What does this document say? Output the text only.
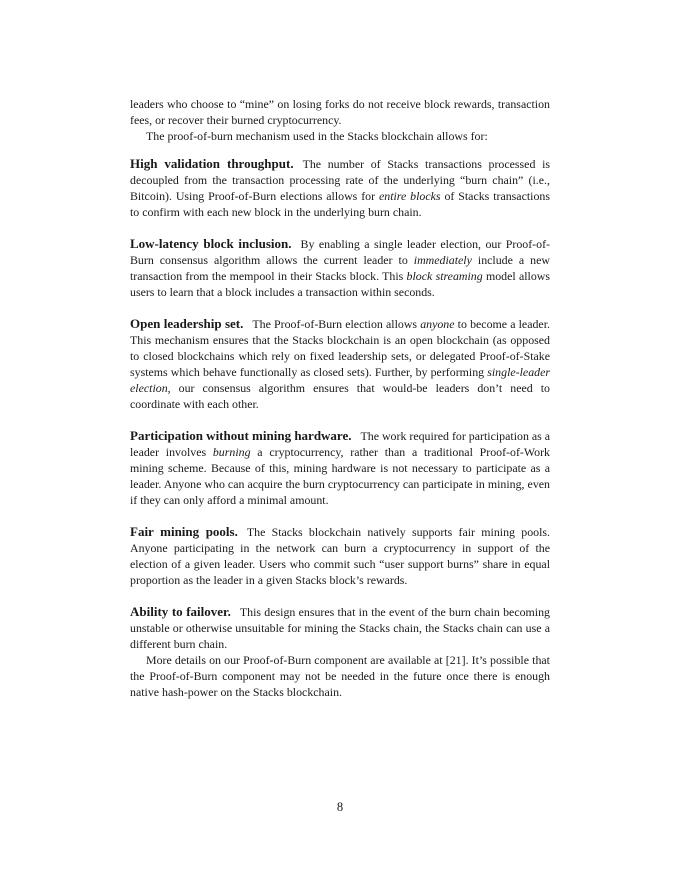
leaders who choose to “mine” on losing forks do not receive block rewards, transaction fees, or recover their burned cryptocurrency.

The proof-of-burn mechanism used in the Stacks blockchain allows for:

High validation throughput. The number of Stacks transactions processed is decoupled from the transaction processing rate of the underlying “burn chain” (i.e., Bitcoin). Using Proof-of-Burn elections allows for entire blocks of Stacks transactions to confirm with each new block in the underlying burn chain.

Low-latency block inclusion. By enabling a single leader election, our Proof-of-Burn consensus algorithm allows the current leader to immediately include a new transaction from the mempool in their Stacks block. This block streaming model allows users to learn that a block includes a transaction within seconds.

Open leadership set. The Proof-of-Burn election allows anyone to become a leader. This mechanism ensures that the Stacks blockchain is an open blockchain (as opposed to closed blockchains which rely on fixed leadership sets, or delegated Proof-of-Stake systems which behave functionally as closed sets). Further, by performing single-leader election, our consensus algorithm ensures that would-be leaders don’t need to coordinate with each other.

Participation without mining hardware. The work required for participation as a leader involves burning a cryptocurrency, rather than a traditional Proof-of-Work mining scheme. Because of this, mining hardware is not necessary to participate as a leader. Anyone who can acquire the burn cryptocurrency can participate in mining, even if they can only afford a minimal amount.

Fair mining pools. The Stacks blockchain natively supports fair mining pools. Anyone participating in the network can burn a cryptocurrency in support of the election of a given leader. Users who commit such “user support burns” share in equal proportion as the leader in a given Stacks block’s rewards.

Ability to failover. This design ensures that in the event of the burn chain becoming unstable or otherwise unsuitable for mining the Stacks chain, the Stacks chain can use a different burn chain.

More details on our Proof-of-Burn component are available at [21]. It’s possible that the Proof-of-Burn component may not be needed in the future once there is enough native hash-power on the Stacks blockchain.

8
